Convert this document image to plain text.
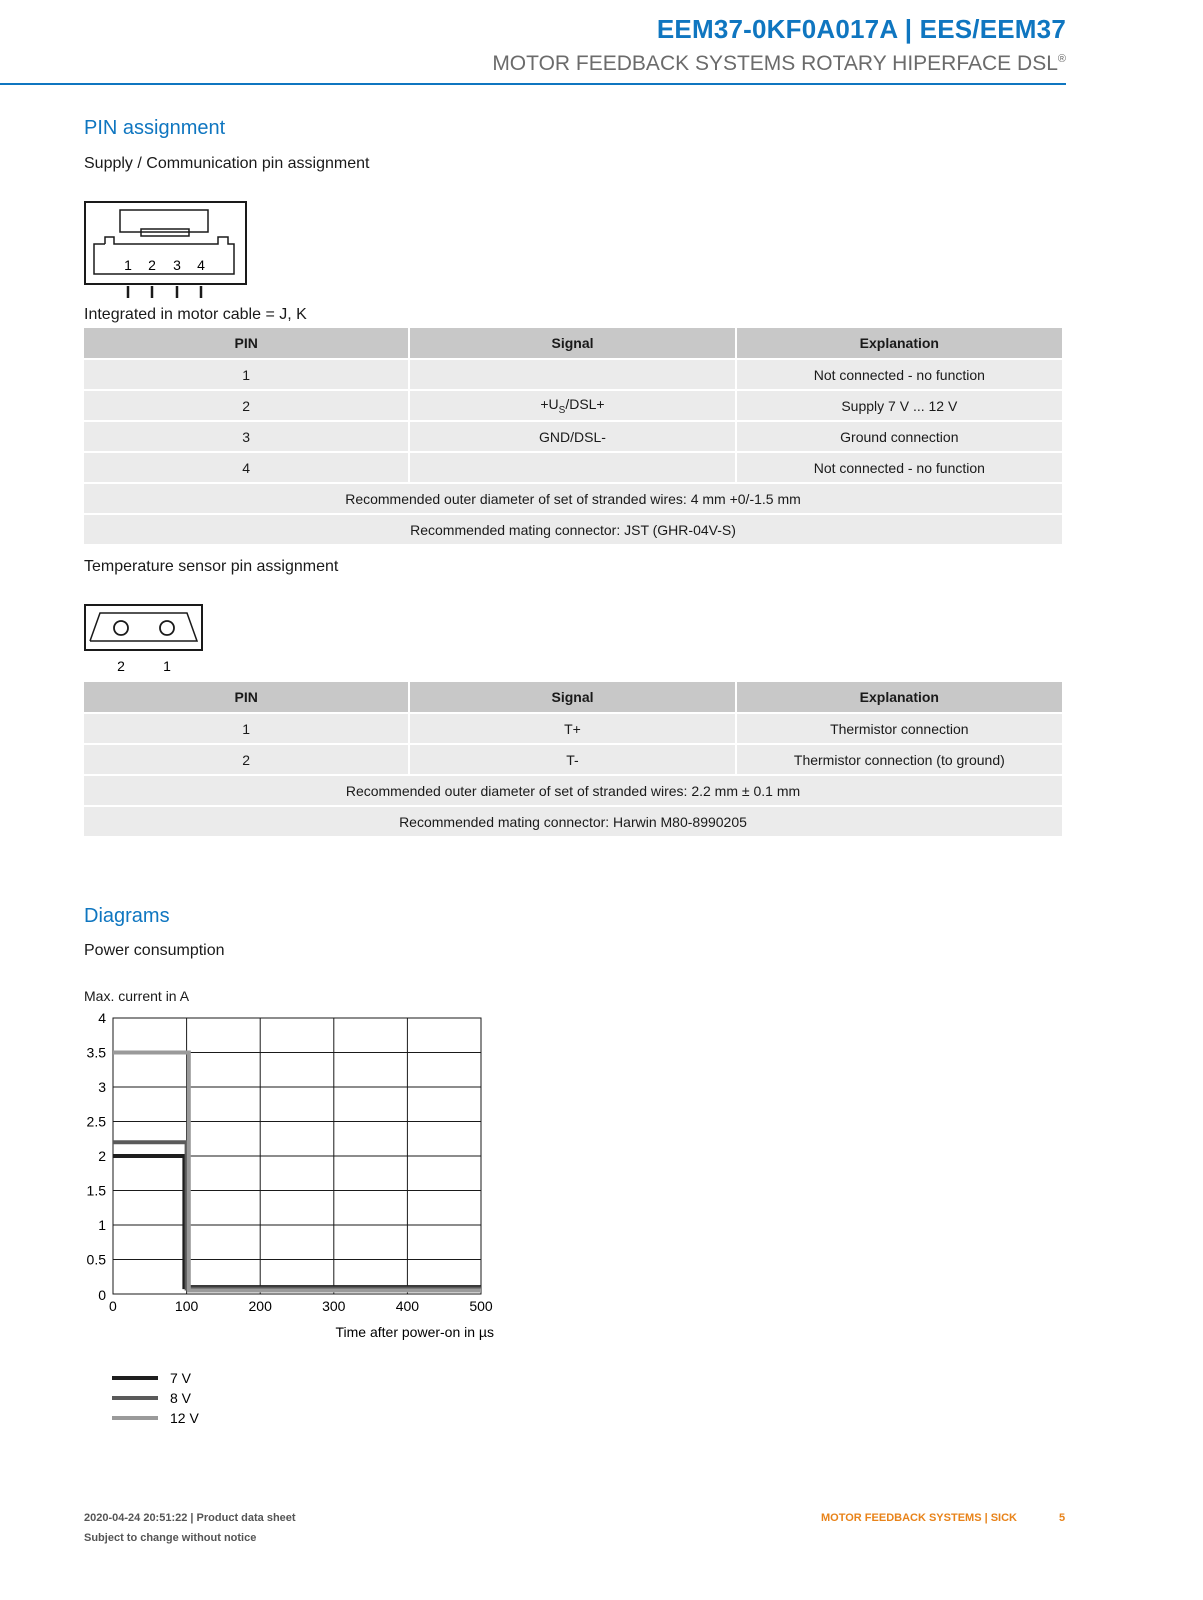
EEM37-0KF0A017A | EES/EEM37
MOTOR FEEDBACK SYSTEMS ROTARY HIPERFACE DSL®
PIN assignment
Supply / Communication pin assignment
1 2 3 4
Integrated in motor cable = J, K
PIN	Signal	Explanation
1		Not connected - no function
2	$+U_S/DSL+$	Supply 7 V ... 12 V
3	GND/DSL-	Ground connection
4		Not connected - no function
Recommended outer diameter of set of stranded wires: 4 mm +0/-1.5 mm		
Recommended mating connector: JST (GHR-04V-S)		
Temperature sensor pin assignment
2	1
PIN	Signal	Explanation
1	T+	Thermistor connection
2	T-	Thermistor connection (to ground)
Recommended outer diameter of set of stranded wires: 2.2 mm ± 0.1 mm		
Recommended mating connector: Harwin M80-8990205		
Diagrams
Power consumption
Max. current in A
0
0.5
1
1.5
2
2.5
3
3.5
4
0	100	200	300	400	500
Time after power-on in µs
7 V
8 V
12 V
2020-04-24 20:51:22 | Product data sheet
Subject to change without notice
MOTOR FEEDBACK SYSTEMS | SICK	5
